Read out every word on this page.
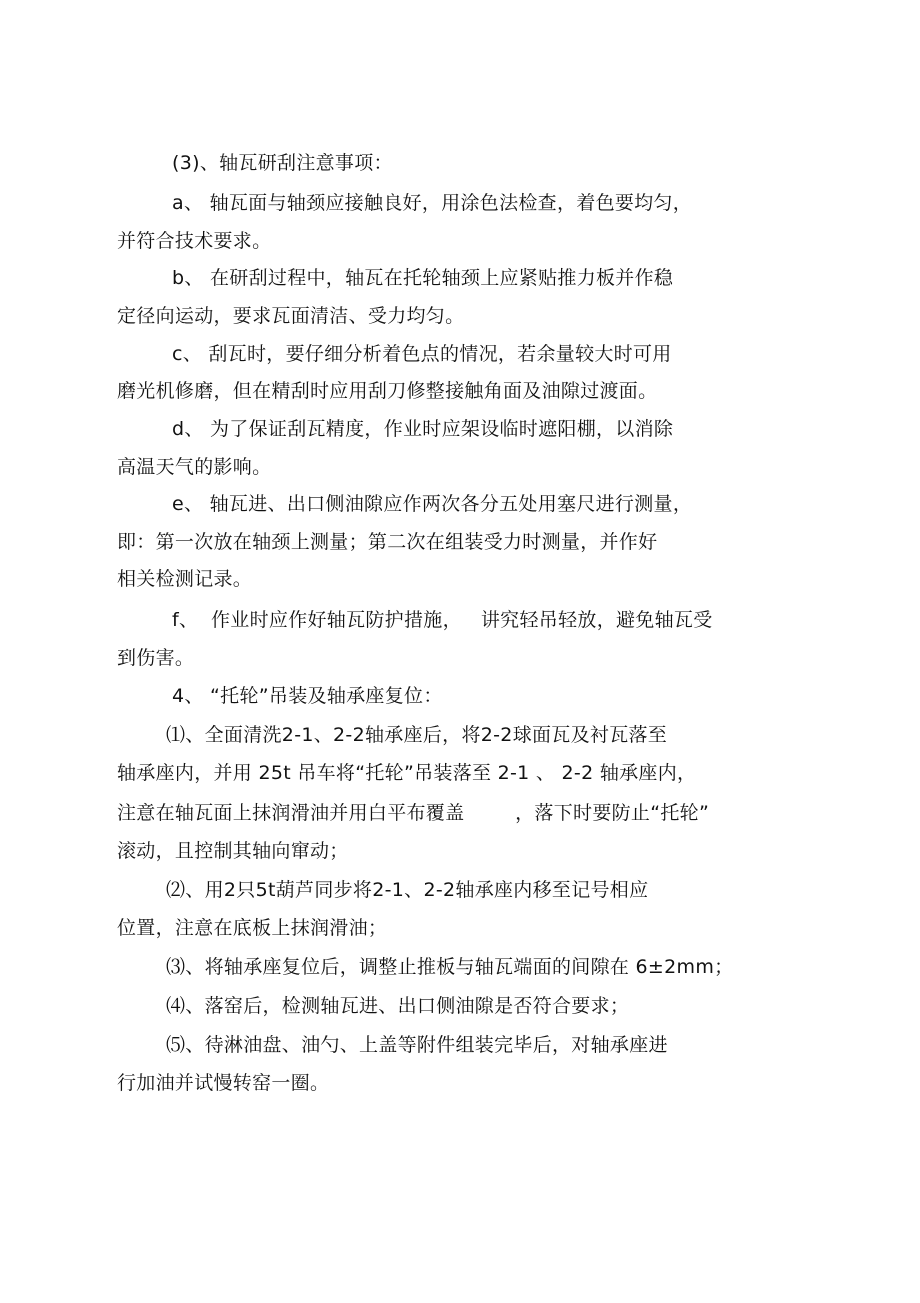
(3)、轴瓦研刮注意事项：
a、 轴瓦面与轴颈应接触良好，用涂色法检查，着色要均匀，
并符合技术要求。
b、 在研刮过程中，轴瓦在托轮轴颈上应紧贴推力板并作稳
定径向运动，要求瓦面清洁、受力均匀。
c、 刮瓦时，要仔细分析着色点的情况，若余量较大时可用
磨光机修磨，但在精刮时应用刮刀修整接触角面及油隙过渡面。
d、 为了保证刮瓦精度，作业时应架设临时遮阳棚，以消除
高温天气的影响。
e、 轴瓦进、出口侧油隙应作两次各分五处用塞尺进行测量，
即：第一次放在轴颈上测量；第二次在组装受力时测量，并作好
相关检测记录。
f、  作业时应作好轴瓦防护措施，   讲究轻吊轻放，避免轴瓦受
到伤害。
4、 “托轮”吊装及轴承座复位：
⑴、全面清洗2-1、2-2轴承座后，将2-2球面瓦及衬瓦落至
轴承座内，并用 25t 吊车将“托轮”吊装落至 2-1 、 2-2 轴承座内，
注意在轴瓦面上抹润滑油并用白平布覆盖        ，落下时要防止“托轮”
滚动，且控制其轴向窜动；
⑵、用2只5t葫芦同步将2-1、2-2轴承座内移至记号相应
位置，注意在底板上抹润滑油；
⑶、将轴承座复位后，调整止推板与轴瓦端面的间隙在 6±2mm；
⑷、落窑后，检测轴瓦进、出口侧油隙是否符合要求；
⑸、待淋油盘、油勺、上盖等附件组装完毕后，对轴承座进
行加油并试慢转窑一圈。
